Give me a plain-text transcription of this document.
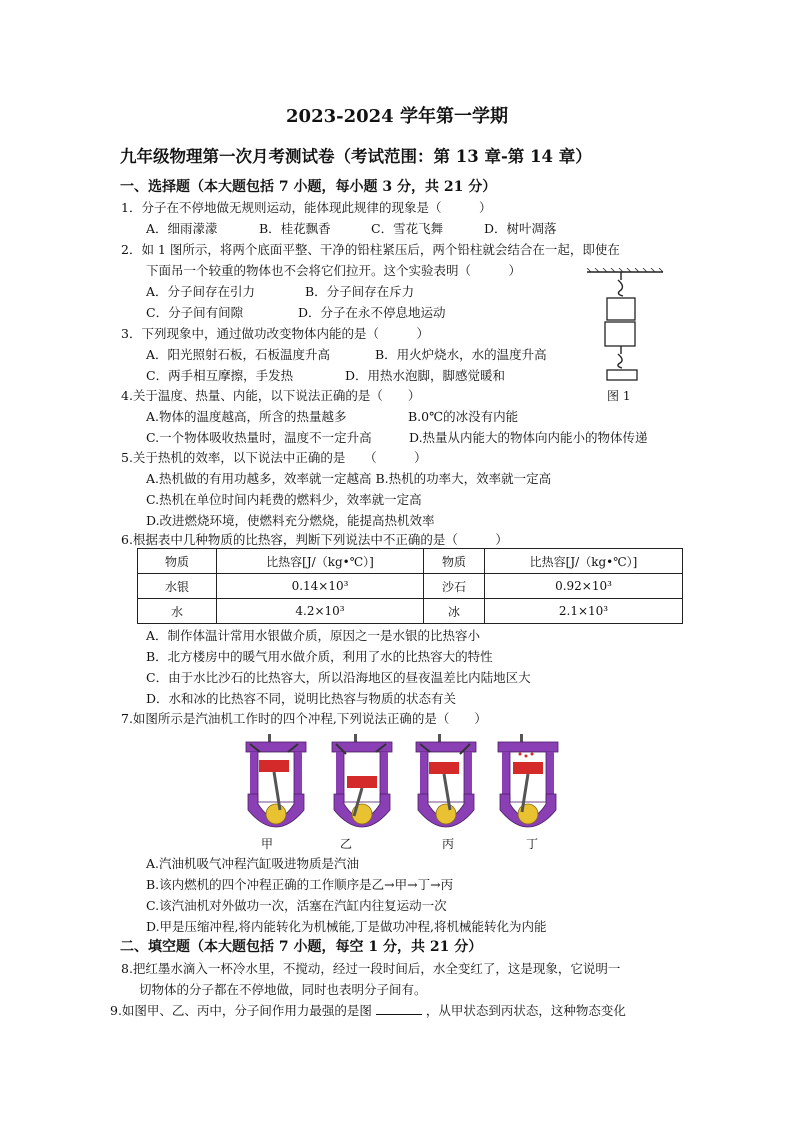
2023-2024 学年第一学期
九年级物理第一次月考测试卷（考试范围：第 13 章-第 14 章）
一、选择题（本大题包括 7 小题，每小题 3 分，共 21 分）
1．分子在不停地做无规则运动，能体现此规律的现象是（　　　）
A．细雨濛濛	B．桂花飘香	C．雪花飞舞	D．树叶凋落
2．如 1 图所示，将两个底面平整、干净的铅柱紧压后，两个铅柱就会结合在一起，即使在
下面吊一个较重的物体也不会将它们拉开。这个实验表明（　　　）
A．分子间存在引力	B．分子间存在斥力
C．分子间有间隙	D．分子在永不停息地运动
图 1
3．下列现象中，通过做功改变物体内能的是（　　　）
A．阳光照射石板，石板温度升高	B．用火炉烧水，水的温度升高
C．两手相互摩擦，手发热	D．用热水泡脚，脚感觉暖和
4.关于温度、热量、内能，以下说法正确的是（　　）
A.物体的温度越高，所含的热量越多	B.0℃的冰没有内能
C.一个物体吸收热量时，温度不一定升高	D.热量从内能大的物体向内能小的物体传递
5.关于热机的效率，以下说法中正确的是　　（　　　）
A.热机做的有用功越多，效率就一定越高 B.热机的功率大，效率就一定高
C.热机在单位时间内耗费的燃料少，效率就一定高
D.改进燃烧环境，使燃料充分燃烧，能提高热机效率
6.根据表中几种物质的比热容，判断下列说法中不正确的是（　　　）
物质	比热容[J/（kg•℃）]	物质	比热容[J/（kg•℃）]
水银	0.14×10³	沙石	0.92×10³
水	4.2×10³	冰	2.1×10³
A．制作体温计常用水银做介质，原因之一是水银的比热容小
B．北方楼房中的暖气用水做介质，利用了水的比热容大的特性
C．由于水比沙石的比热容大，所以沿海地区的昼夜温差比内陆地区大
D．水和冰的比热容不同，说明比热容与物质的状态有关
7.如图所示是汽油机工作时的四个冲程,下列说法正确的是（　　）
甲	乙	丙	丁
A.汽油机吸气冲程汽缸吸进物质是汽油
B.该内燃机的四个冲程正确的工作顺序是乙→甲→丁→丙
C.该汽油机对外做功一次，活塞在汽缸内往复运动一次
D.甲是压缩冲程,将内能转化为机械能,丁是做功冲程,将机械能转化为内能
二、填空题（本大题包括 7 小题，每空 1 分，共 21 分）
8.把红墨水滴入一杯冷水里，不搅动，经过一段时间后，水全变红了，这是现象，它说明一
切物体的分子都在不停地做，同时也表明分子间有。
9.如图甲、乙、丙中，分子间作用力最强的是图	，从甲状态到丙状态，这种物态变化
